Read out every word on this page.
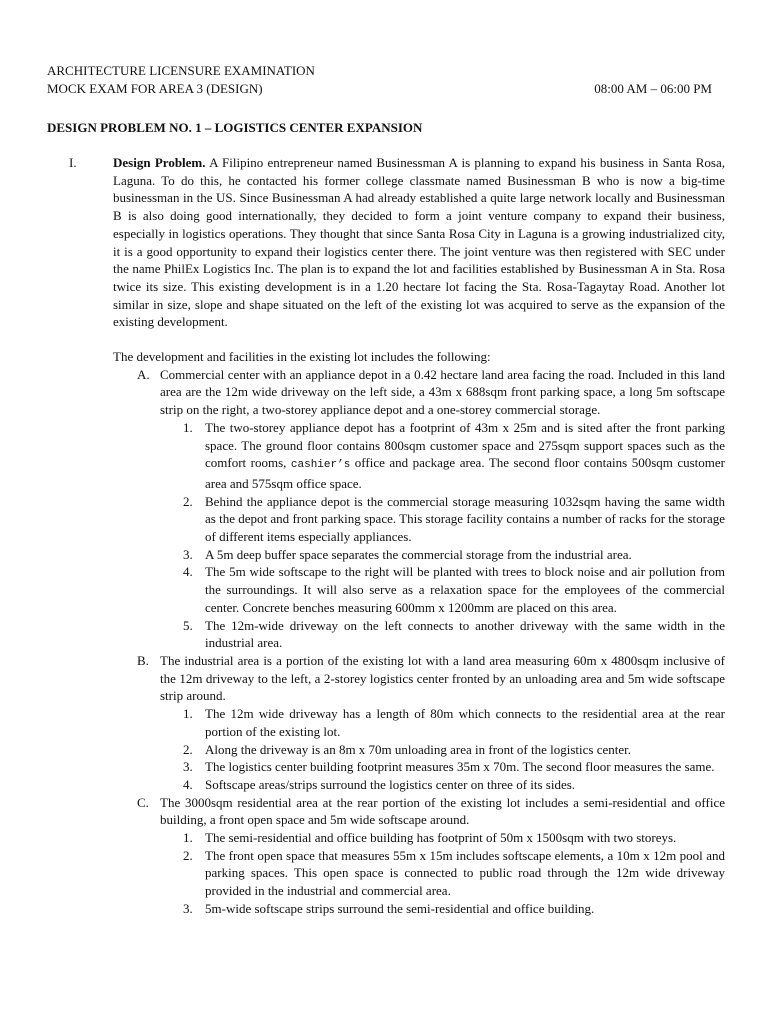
ARCHITECTURE LICENSURE EXAMINATION
MOCK EXAM FOR AREA 3 (DESIGN)	08:00 AM – 06:00 PM
DESIGN PROBLEM NO. 1 – LOGISTICS CENTER EXPANSION
I.	Design Problem. A Filipino entrepreneur named Businessman A is planning to expand his business in Santa Rosa, Laguna. To do this, he contacted his former college classmate named Businessman B who is now a big-time businessman in the US. Since Businessman A had already established a quite large network locally and Businessman B is also doing good internationally, they decided to form a joint venture company to expand their business, especially in logistics operations. They thought that since Santa Rosa City in Laguna is a growing industrialized city, it is a good opportunity to expand their logistics center there. The joint venture was then registered with SEC under the name PhilEx Logistics Inc. The plan is to expand the lot and facilities established by Businessman A in Sta. Rosa twice its size. This existing development is in a 1.20 hectare lot facing the Sta. Rosa-Tagaytay Road. Another lot similar in size, slope and shape situated on the left of the existing lot was acquired to serve as the expansion of the existing development.

The development and facilities in the existing lot includes the following:

A. Commercial center with an appliance depot in a 0.42 hectare land area facing the road. Included in this land area are the 12m wide driveway on the left side, a 43m x 688sqm front parking space, a long 5m softscape strip on the right, a two-storey appliance depot and a one-storey commercial storage.
1. The two-storey appliance depot has a footprint of 43m x 25m and is sited after the front parking space. The ground floor contains 800sqm customer space and 275sqm support spaces such as the comfort rooms, cashier’s office and package area. The second floor contains 500sqm customer area and 575sqm office space.
2. Behind the appliance depot is the commercial storage measuring 1032sqm having the same width as the depot and front parking space. This storage facility contains a number of racks for the storage of different items especially appliances.
3. A 5m deep buffer space separates the commercial storage from the industrial area.
4. The 5m wide softscape to the right will be planted with trees to block noise and air pollution from the surroundings. It will also serve as a relaxation space for the employees of the commercial center. Concrete benches measuring 600mm x 1200mm are placed on this area.
5. The 12m-wide driveway on the left connects to another driveway with the same width in the industrial area.
B. The industrial area is a portion of the existing lot with a land area measuring 60m x 4800sqm inclusive of the 12m driveway to the left, a 2-storey logistics center fronted by an unloading area and 5m wide softscape strip around.
1. The 12m wide driveway has a length of 80m which connects to the residential area at the rear portion of the existing lot.
2. Along the driveway is an 8m x 70m unloading area in front of the logistics center.
3. The logistics center building footprint measures 35m x 70m. The second floor measures the same.
4. Softscape areas/strips surround the logistics center on three of its sides.
C. The 3000sqm residential area at the rear portion of the existing lot includes a semi-residential and office building, a front open space and 5m wide softscape around.
1. The semi-residential and office building has footprint of 50m x 1500sqm with two storeys.
2. The front open space that measures 55m x 15m includes softscape elements, a 10m x 12m pool and parking spaces. This open space is connected to public road through the 12m wide driveway provided in the industrial and commercial area.
3. 5m-wide softscape strips surround the semi-residential and office building.
